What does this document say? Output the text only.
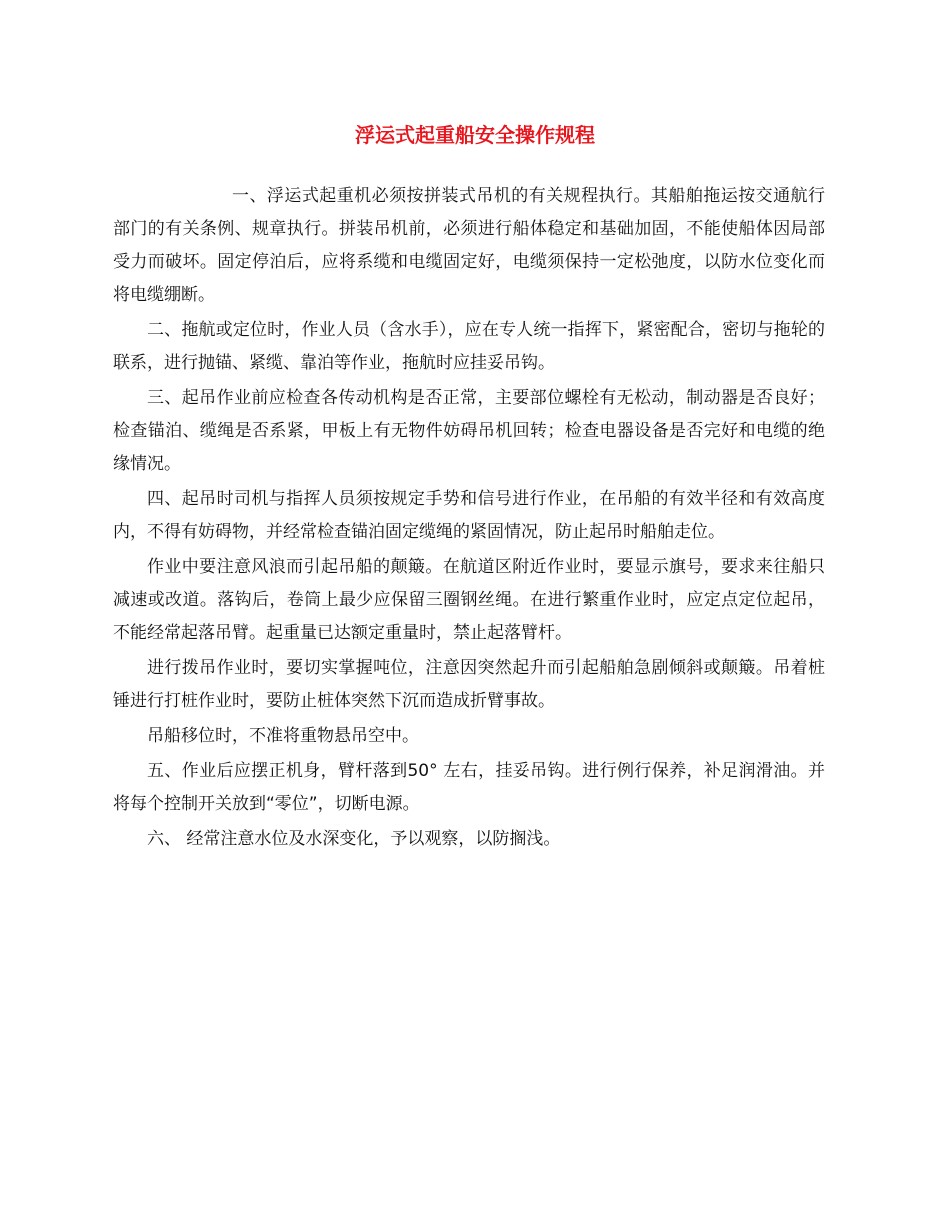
浮运式起重船安全操作规程

一、浮运式起重机必须按拼装式吊机的有关规程执行。其船舶拖运按交通航行部门的有关条例、规章执行。拼装吊机前，必须进行船体稳定和基础加固，不能使船体因局部受力而破坏。固定停泊后，应将系缆和电缆固定好，电缆须保持一定松弛度，以防水位变化而将电缆绷断。

二、拖航或定位时，作业人员（含水手），应在专人统一指挥下，紧密配合，密切与拖轮的联系，进行抛锚、紧缆、靠泊等作业，拖航时应挂妥吊钩。

三、起吊作业前应检查各传动机构是否正常，主要部位螺栓有无松动，制动器是否良好；检查锚泊、缆绳是否系紧，甲板上有无物件妨碍吊机回转；检查电器设备是否完好和电缆的绝缘情况。

四、起吊时司机与指挥人员须按规定手势和信号进行作业，在吊船的有效半径和有效高度内，不得有妨碍物，并经常检查锚泊固定缆绳的紧固情况，防止起吊时船舶走位。

作业中要注意风浪而引起吊船的颠簸。在航道区附近作业时，要显示旗号，要求来往船只减速或改道。落钩后，卷筒上最少应保留三圈钢丝绳。在进行繁重作业时，应定点定位起吊，不能经常起落吊臂。起重量已达额定重量时，禁止起落臂杆。

进行拨吊作业时，要切实掌握吨位，注意因突然起升而引起船舶急剧倾斜或颠簸。吊着桩锤进行打桩作业时，要防止桩体突然下沉而造成折臂事故。

吊船移位时，不准将重物悬吊空中。

五、作业后应摆正机身，臂杆落到50° 左右，挂妥吊钩。进行例行保养，补足润滑油。并将每个控制开关放到“零位”，切断电源。

六、 经常注意水位及水深变化，予以观察，以防搁浅。
